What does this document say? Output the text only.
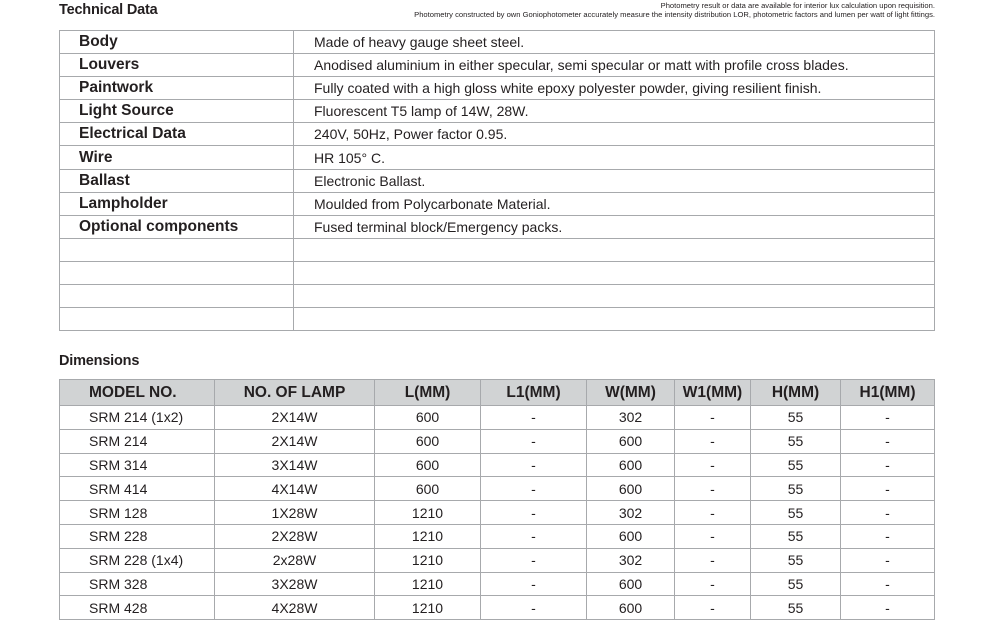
Technical Data	Photometry result or data are available for interior lux calculation upon requisition.
Photometry constructed by own Goniophotometer accurately measure the intensity distribution LOR, photometric factors and lumen per watt of light fittings.
Body	Made of heavy gauge sheet steel.
Louvers	Anodised aluminium in either specular, semi specular or matt with profile cross blades.
Paintwork	Fully coated with a high gloss white epoxy polyester powder, giving resilient finish.
Light Source	Fluorescent T5 lamp of 14W, 28W.
Electrical Data	240V, 50Hz, Power factor 0.95.
Wire	HR 105° C.
Ballast	Electronic Ballast.
Lampholder	Moulded from Polycarbonate Material.
Optional components	Fused terminal block/Emergency packs.

Dimensions
MODEL NO.	NO. OF LAMP	L(MM)	L1(MM)	W(MM)	W1(MM)	H(MM)	H1(MM)
SRM 214 (1x2)	2X14W	600	-	302	-	55	-
SRM 214	2X14W	600	-	600	-	55	-
SRM 314	3X14W	600	-	600	-	55	-
SRM 414	4X14W	600	-	600	-	55	-
SRM 128	1X28W	1210	-	302	-	55	-
SRM 228	2X28W	1210	-	600	-	55	-
SRM 228 (1x4)	2x28W	1210	-	302	-	55	-
SRM 328	3X28W	1210	-	600	-	55	-
SRM 428	4X28W	1210	-	600	-	55	-
